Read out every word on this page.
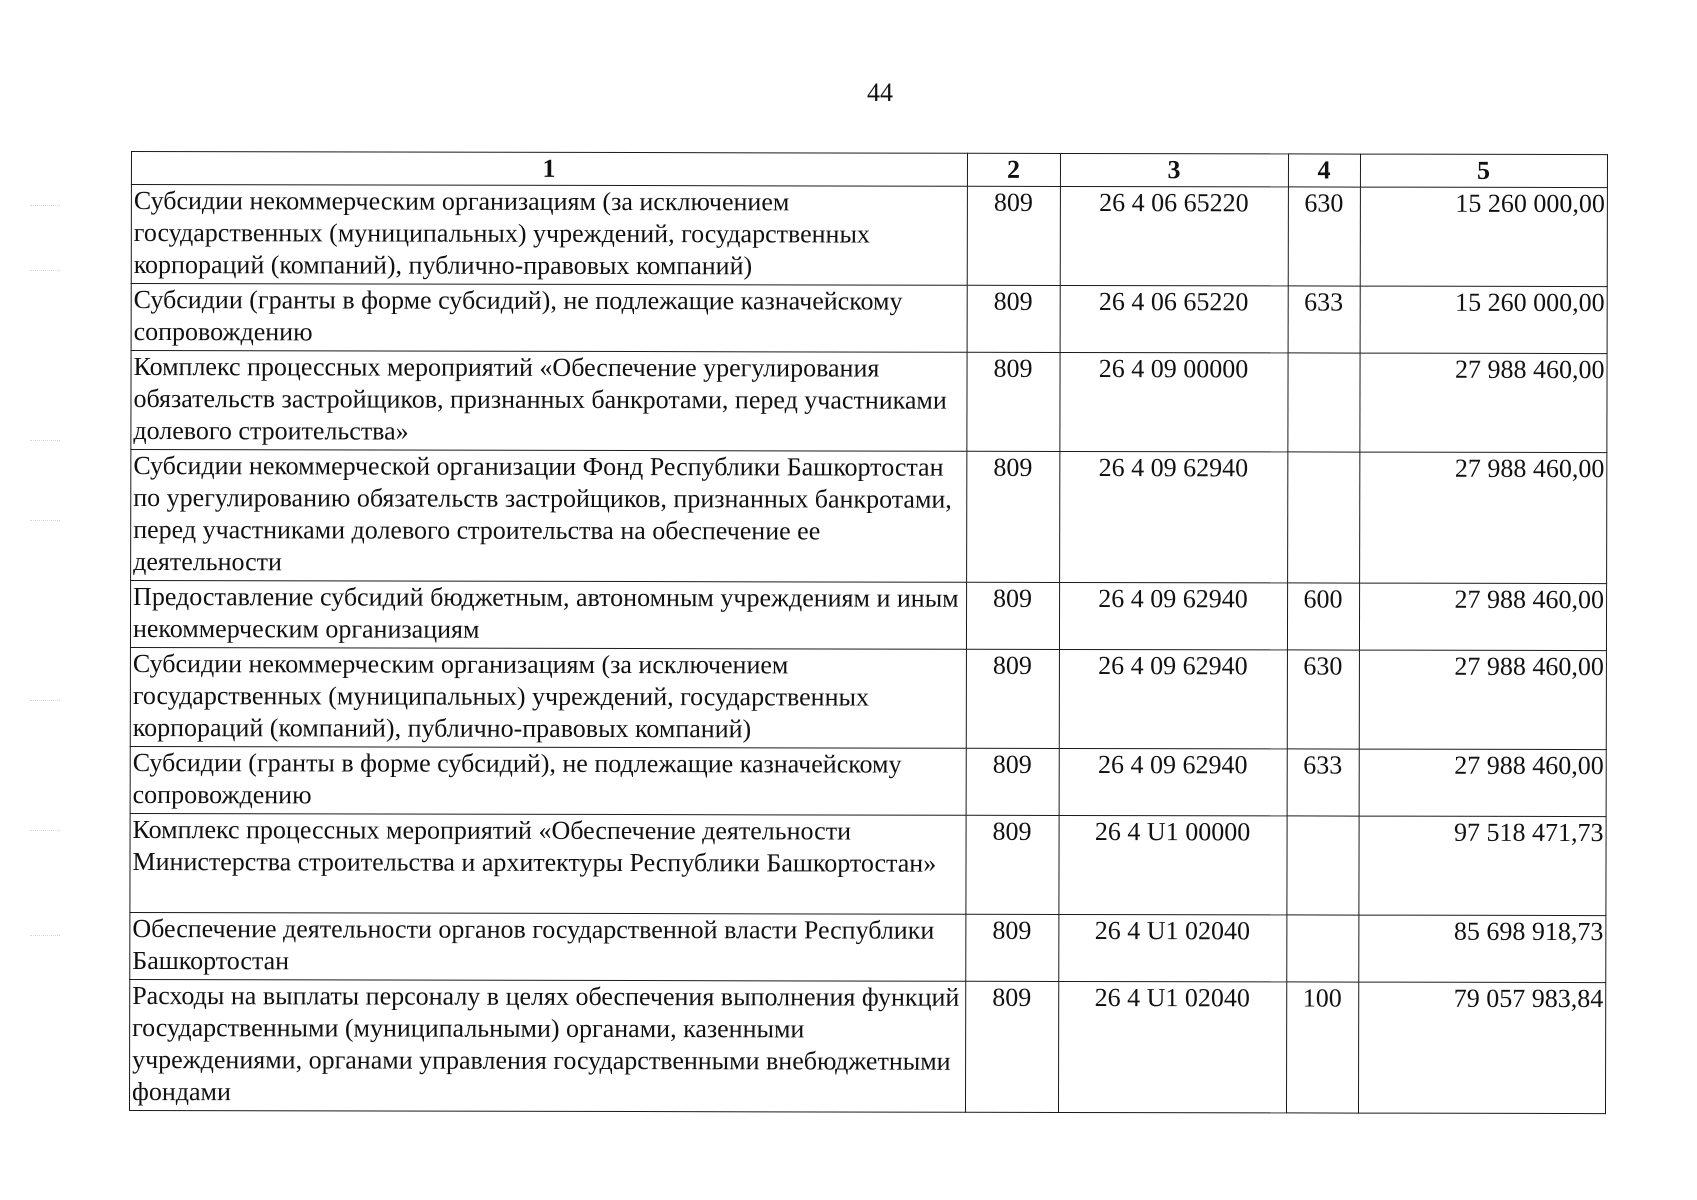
44
1	2	3	4	5
Субсидии некоммерческим организациям (за исключением государственных (муниципальных) учреждений, государственных корпораций (компаний), публично-правовых компаний)	809	26 4 06 65220	630	15 260 000,00
Субсидии (гранты в форме субсидий), не подлежащие казначейскому сопровождению	809	26 4 06 65220	633	15 260 000,00
Комплекс процессных мероприятий «Обеспечение урегулирования обязательств застройщиков, признанных банкротами, перед участниками долевого строительства»	809	26 4 09 00000		27 988 460,00
Субсидии некоммерческой организации Фонд Республики Башкортостан по урегулированию обязательств застройщиков, признанных банкротами, перед участниками долевого строительства на обеспечение ее деятельности	809	26 4 09 62940		27 988 460,00
Предоставление субсидий бюджетным, автономным учреждениям и иным некоммерческим организациям	809	26 4 09 62940	600	27 988 460,00
Субсидии некоммерческим организациям (за исключением государственных (муниципальных) учреждений, государственных корпораций (компаний), публично-правовых компаний)	809	26 4 09 62940	630	27 988 460,00
Субсидии (гранты в форме субсидий), не подлежащие казначейскому сопровождению	809	26 4 09 62940	633	27 988 460,00
Комплекс процессных мероприятий «Обеспечение деятельности Министерства строительства и архитектуры Республики Башкортостан»	809	26 4 U1 00000		97 518 471,73
Обеспечение деятельности органов государственной власти Республики Башкортостан	809	26 4 U1 02040		85 698 918,73
Расходы на выплаты персоналу в целях обеспечения выполнения функций государственными (муниципальными) органами, казенными учреждениями, органами управления государственными внебюджетными фондами	809	26 4 U1 02040	100	79 057 983,84
